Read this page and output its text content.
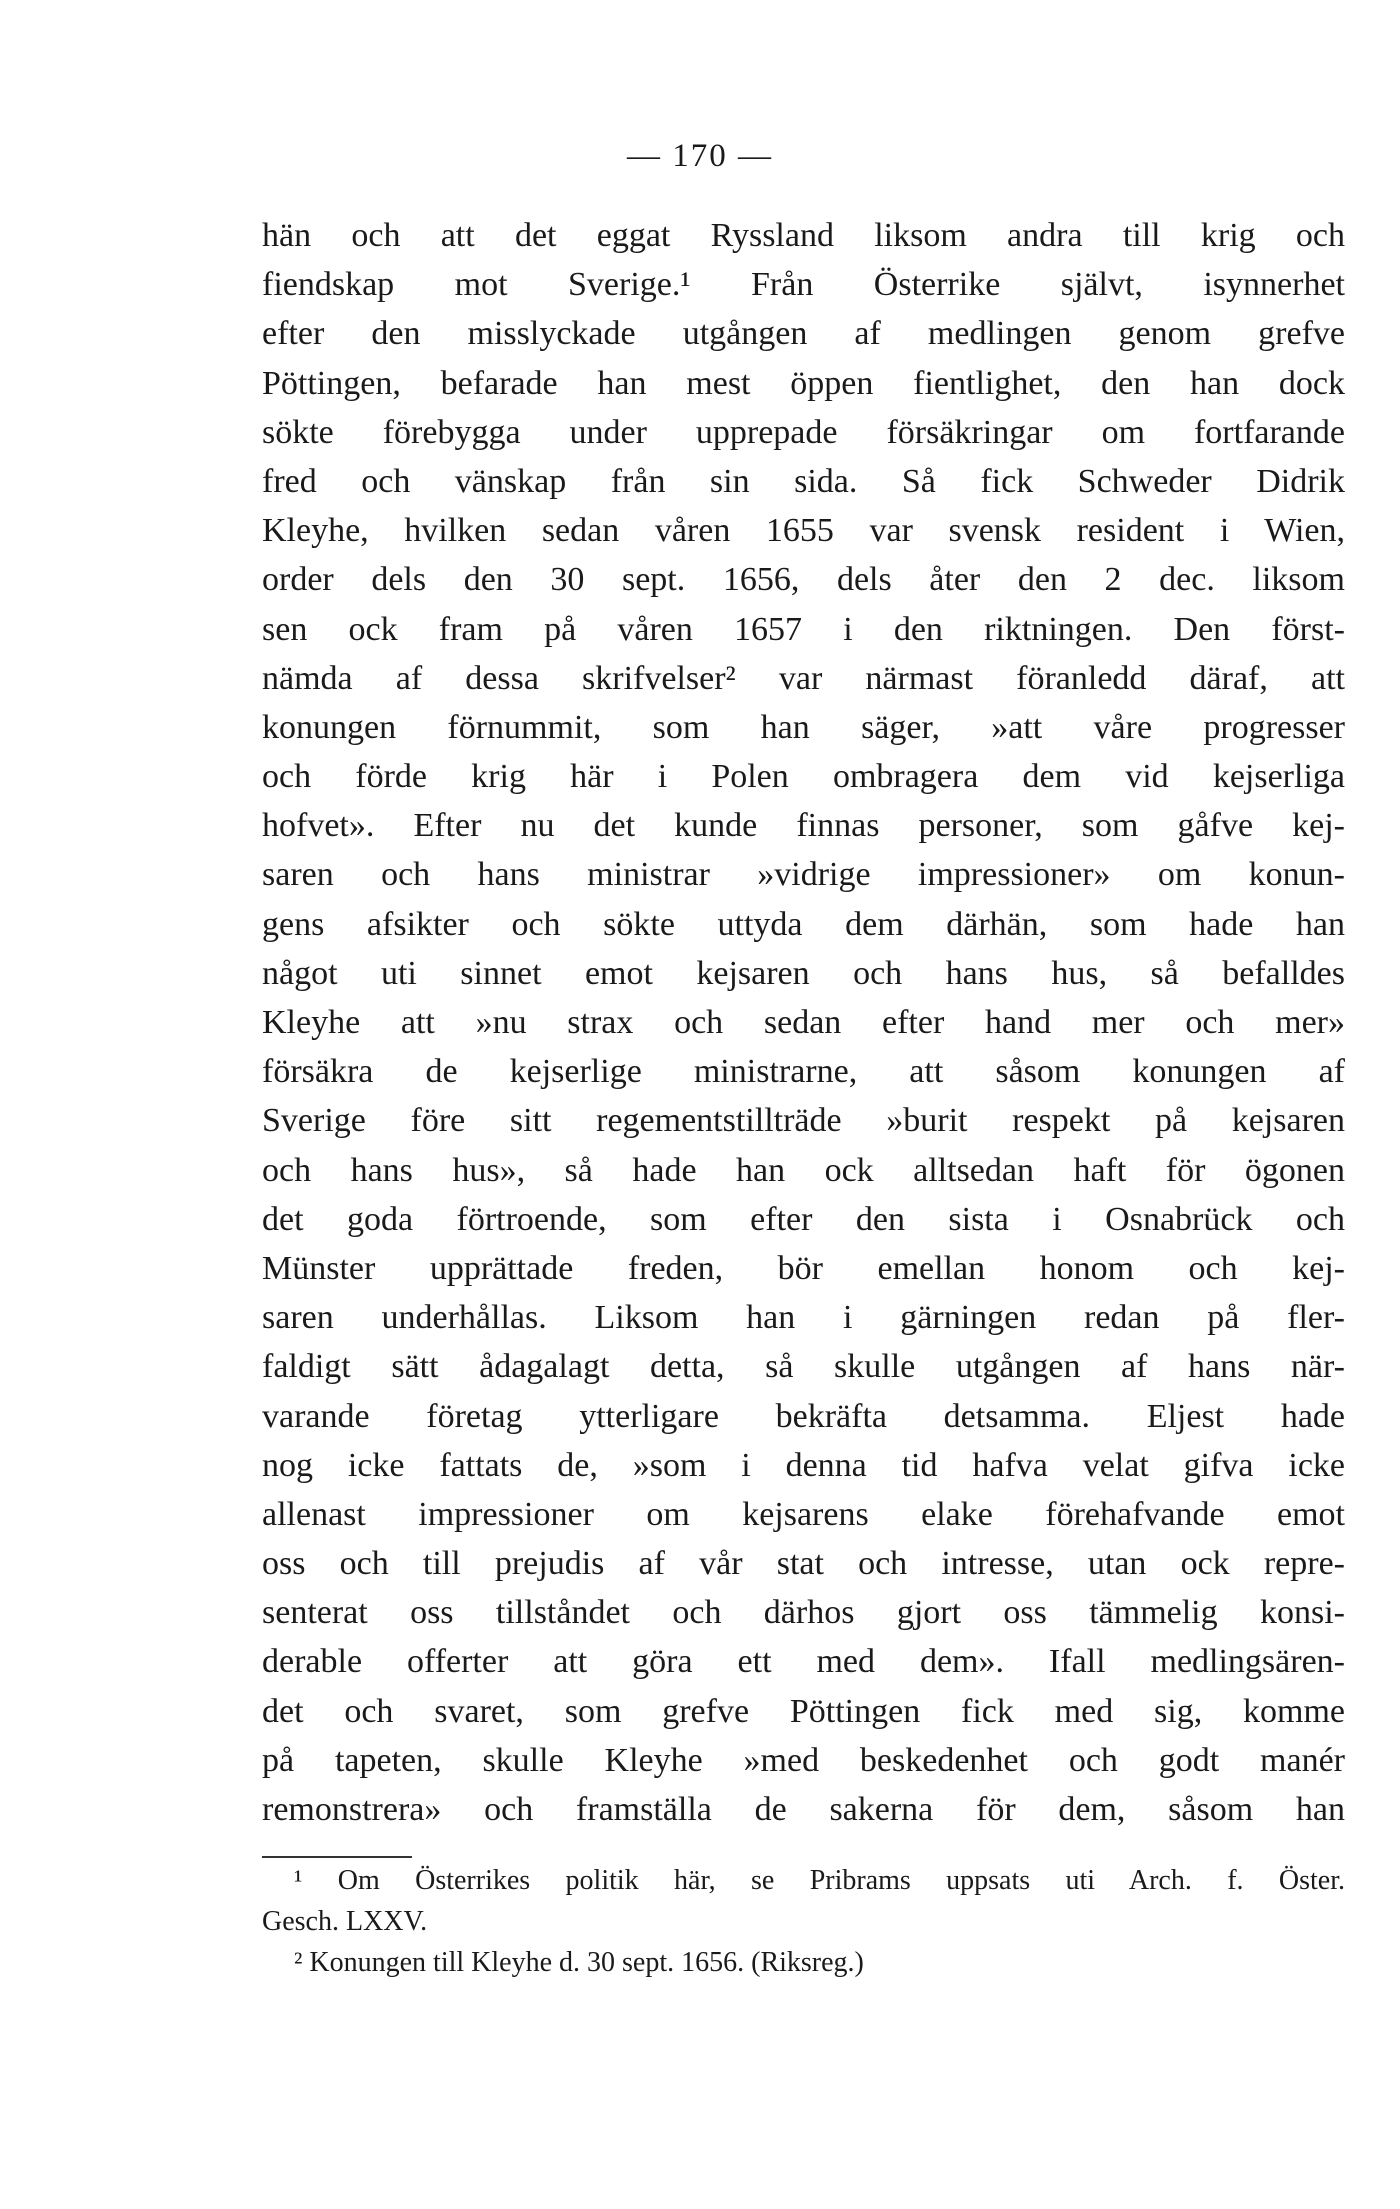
— 170 —
hän och att det eggat Ryssland liksom andra till krig och
fiendskap mot Sverige.¹ Från Österrike självt, isynnerhet
efter den misslyckade utgången af medlingen genom grefve
Pöttingen, befarade han mest öppen fientlighet, den han dock
sökte förebygga under upprepade försäkringar om fortfarande
fred och vänskap från sin sida. Så fick Schweder Didrik
Kleyhe, hvilken sedan våren 1655 var svensk resident i Wien,
order dels den 30 sept. 1656, dels åter den 2 dec. liksom
sen ock fram på våren 1657 i den riktningen. Den först-
nämda af dessa skrifvelser² var närmast föranledd däraf, att
konungen förnummit, som han säger, »att våre progresser
och förde krig här i Polen ombragera dem vid kejserliga
hofvet». Efter nu det kunde finnas personer, som gåfve kej-
saren och hans ministrar »vidrige impressioner» om konun-
gens afsikter och sökte uttyda dem därhän, som hade han
något uti sinnet emot kejsaren och hans hus, så befalldes
Kleyhe att »nu strax och sedan efter hand mer och mer»
försäkra de kejserlige ministrarne, att såsom konungen af
Sverige före sitt regementstillträde »burit respekt på kejsaren
och hans hus», så hade han ock alltsedan haft för ögonen
det goda förtroende, som efter den sista i Osnabrück och
Münster upprättade freden, bör emellan honom och kej-
saren underhållas. Liksom han i gärningen redan på fler-
faldigt sätt ådagalagt detta, så skulle utgången af hans när-
varande företag ytterligare bekräfta detsamma. Eljest hade
nog icke fattats de, »som i denna tid hafva velat gifva icke
allenast impressioner om kejsarens elake förehafvande emot
oss och till prejudis af vår stat och intresse, utan ock repre-
senterat oss tillståndet och därhos gjort oss tämmelig konsi-
derable offerter att göra ett med dem». Ifall medlingsären-
det och svaret, som grefve Pöttingen fick med sig, komme
på tapeten, skulle Kleyhe »med beskedenhet och godt manér
remonstrera» och framställa de sakerna för dem, såsom han
¹ Om Österrikes politik här, se Pribrams uppsats uti Arch. f. Öster.
Gesch. LXXV.
² Konungen till Kleyhe d. 30 sept. 1656. (Riksreg.)
